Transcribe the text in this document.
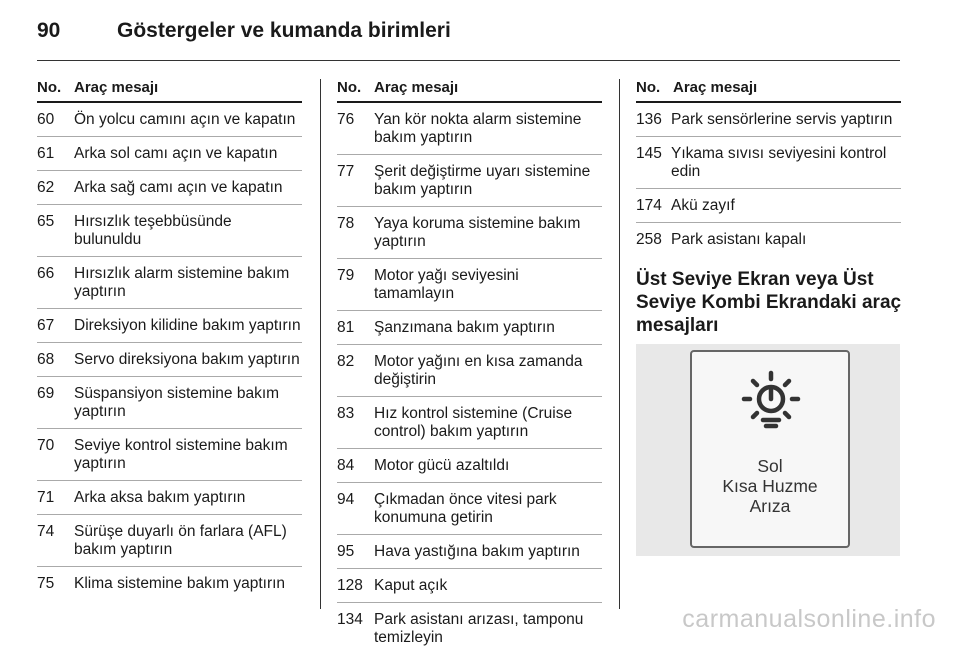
90	Göstergeler ve kumanda birimleri
No. Araç mesajı
60	Ön yolcu camını açın ve kapatın
61	Arka sol camı açın ve kapatın
62	Arka sağ camı açın ve kapatın
65	Hırsızlık teşebbüsünde bulunuldu
66	Hırsızlık alarm sistemine bakım yaptırın
67	Direksiyon kilidine bakım yaptırın
68	Servo direksiyona bakım yaptırın
69	Süspansiyon sistemine bakım yaptırın
70	Seviye kontrol sistemine bakım yaptırın
71	Arka aksa bakım yaptırın
74	Sürüşe duyarlı ön farlara (AFL) bakım yaptırın
75	Klima sistemine bakım yaptırın
No. Araç mesajı
76	Yan kör nokta alarm sistemine bakım yaptırın
77	Şerit değiştirme uyarı sistemine bakım yaptırın
78	Yaya koruma sistemine bakım yaptırın
79	Motor yağı seviyesini tamamlayın
81	Şanzımana bakım yaptırın
82	Motor yağını en kısa zamanda değiştirin
83	Hız kontrol sistemine (Cruise control) bakım yaptırın
84	Motor gücü azaltıldı
94	Çıkmadan önce vitesi park konumuna getirin
95	Hava yastığına bakım yaptırın
128	Kaput açık
134	Park asistanı arızası, tamponu temizleyin
No. Araç mesajı
136	Park sensörlerine servis yaptırın
145	Yıkama sıvısı seviyesini kontrol edin
174	Akü zayıf
258	Park asistanı kapalı
Üst Seviye Ekran veya Üst Seviye Kombi Ekrandaki araç mesajları
Sol
Kısa Huzme
Arıza
carmanualsonline.info
